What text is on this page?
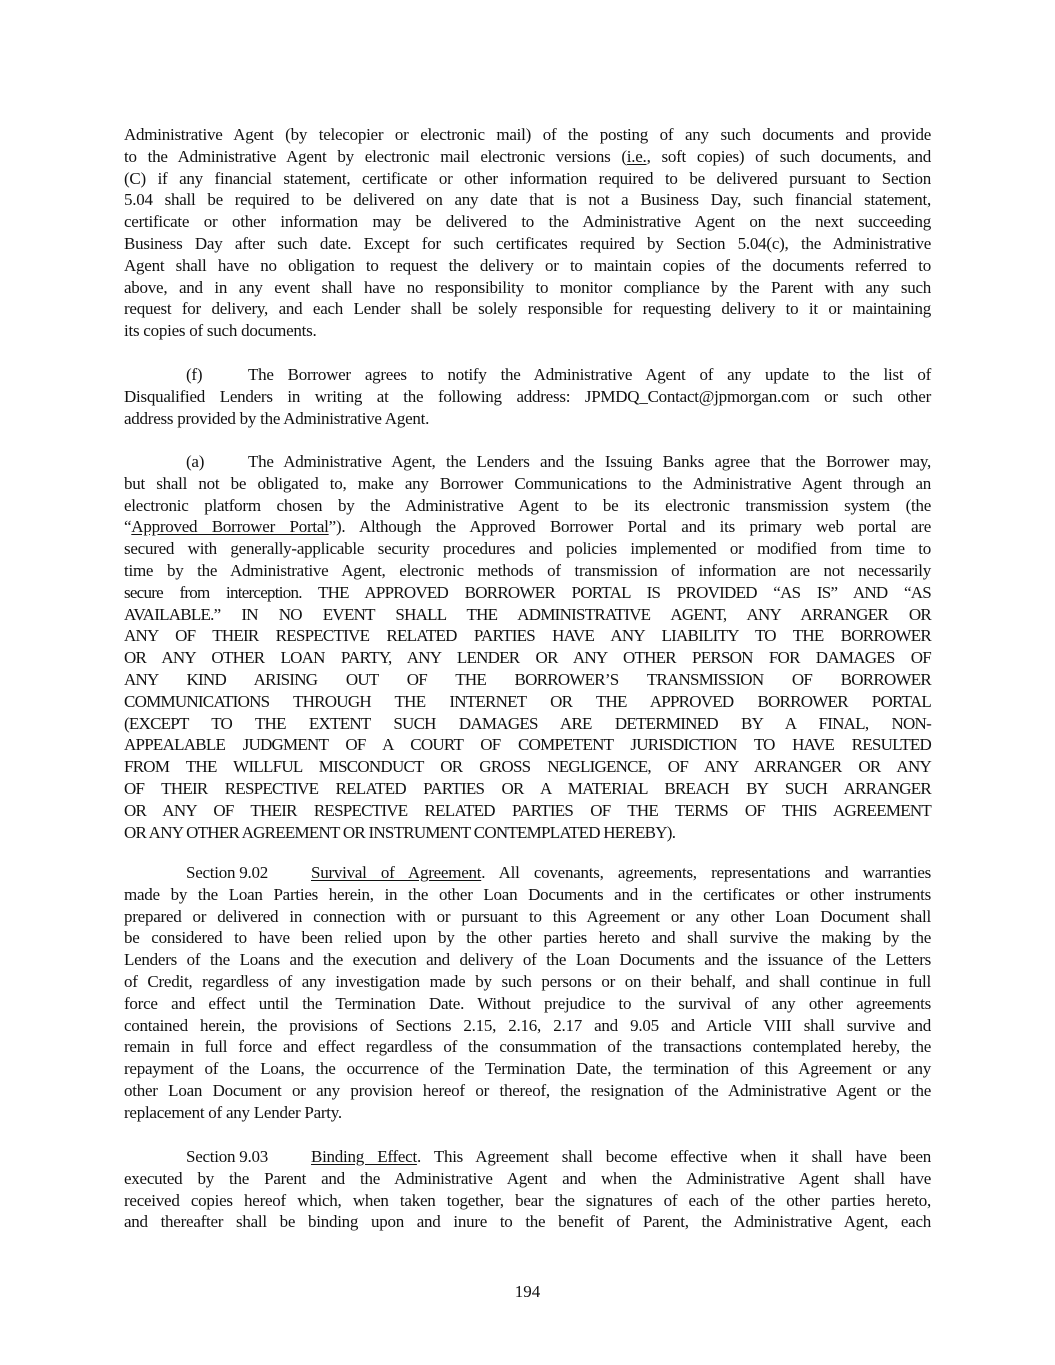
Administrative Agent (by telecopier or electronic mail) of the posting of any such documents and provide
to the Administrative Agent by electronic mail electronic versions (i.e., soft copies) of such documents, and
(C) if any financial statement, certificate or other information required to be delivered pursuant to Section
5.04 shall be required to be delivered on any date that is not a Business Day, such financial statement,
certificate or other information may be delivered to the Administrative Agent on the next succeeding
Business Day after such date. Except for such certificates required by Section 5.04(c), the Administrative
Agent shall have no obligation to request the delivery or to maintain copies of the documents referred to
above, and in any event shall have no responsibility to monitor compliance by the Parent with any such
request for delivery, and each Lender shall be solely responsible for requesting delivery to it or maintaining
its copies of such documents.
(f)	The Borrower agrees to notify the Administrative Agent of any update to the list of
Disqualified Lenders in writing at the following address: JPMDQ_Contact@jpmorgan.com or such other
address provided by the Administrative Agent.
(a)	The Administrative Agent, the Lenders and the Issuing Banks agree that the Borrower may,
but shall not be obligated to, make any Borrower Communications to the Administrative Agent through an
electronic platform chosen by the Administrative Agent to be its electronic transmission system (the
“Approved Borrower Portal”). Although the Approved Borrower Portal and its primary web portal are
secured with generally-applicable security procedures and policies implemented or modified from time to
time by the Administrative Agent, electronic methods of transmission of information are not necessarily
secure from interception. THE APPROVED BORROWER PORTAL IS PROVIDED “AS IS” AND “AS
AVAILABLE.” IN NO EVENT SHALL THE ADMINISTRATIVE AGENT, ANY ARRANGER OR
ANY OF THEIR RESPECTIVE RELATED PARTIES HAVE ANY LIABILITY TO THE BORROWER
OR ANY OTHER LOAN PARTY, ANY LENDER OR ANY OTHER PERSON FOR DAMAGES OF
ANY KIND ARISING OUT OF THE BORROWER’S TRANSMISSION OF BORROWER
COMMUNICATIONS THROUGH THE INTERNET OR THE APPROVED BORROWER PORTAL
(EXCEPT TO THE EXTENT SUCH DAMAGES ARE DETERMINED BY A FINAL, NON-
APPEALABLE JUDGMENT OF A COURT OF COMPETENT JURISDICTION TO HAVE RESULTED
FROM THE WILLFUL MISCONDUCT OR GROSS NEGLIGENCE, OF ANY ARRANGER OR ANY
OF THEIR RESPECTIVE RELATED PARTIES OR A MATERIAL BREACH BY SUCH ARRANGER
OR ANY OF THEIR RESPECTIVE RELATED PARTIES OF THE TERMS OF THIS AGREEMENT
OR ANY OTHER AGREEMENT OR INSTRUMENT CONTEMPLATED HEREBY).
Section 9.02	Survival of Agreement. All covenants, agreements, representations and warranties
made by the Loan Parties herein, in the other Loan Documents and in the certificates or other instruments
prepared or delivered in connection with or pursuant to this Agreement or any other Loan Document shall
be considered to have been relied upon by the other parties hereto and shall survive the making by the
Lenders of the Loans and the execution and delivery of the Loan Documents and the issuance of the Letters
of Credit, regardless of any investigation made by such persons or on their behalf, and shall continue in full
force and effect until the Termination Date. Without prejudice to the survival of any other agreements
contained herein, the provisions of Sections 2.15, 2.16, 2.17 and 9.05 and Article VIII shall survive and
remain in full force and effect regardless of the consummation of the transactions contemplated hereby, the
repayment of the Loans, the occurrence of the Termination Date, the termination of this Agreement or any
other Loan Document or any provision hereof or thereof, the resignation of the Administrative Agent or the
replacement of any Lender Party.
Section 9.03	Binding Effect. This Agreement shall become effective when it shall have been
executed by the Parent and the Administrative Agent and when the Administrative Agent shall have
received copies hereof which, when taken together, bear the signatures of each of the other parties hereto,
and thereafter shall be binding upon and inure to the benefit of Parent, the Administrative Agent, each
194
